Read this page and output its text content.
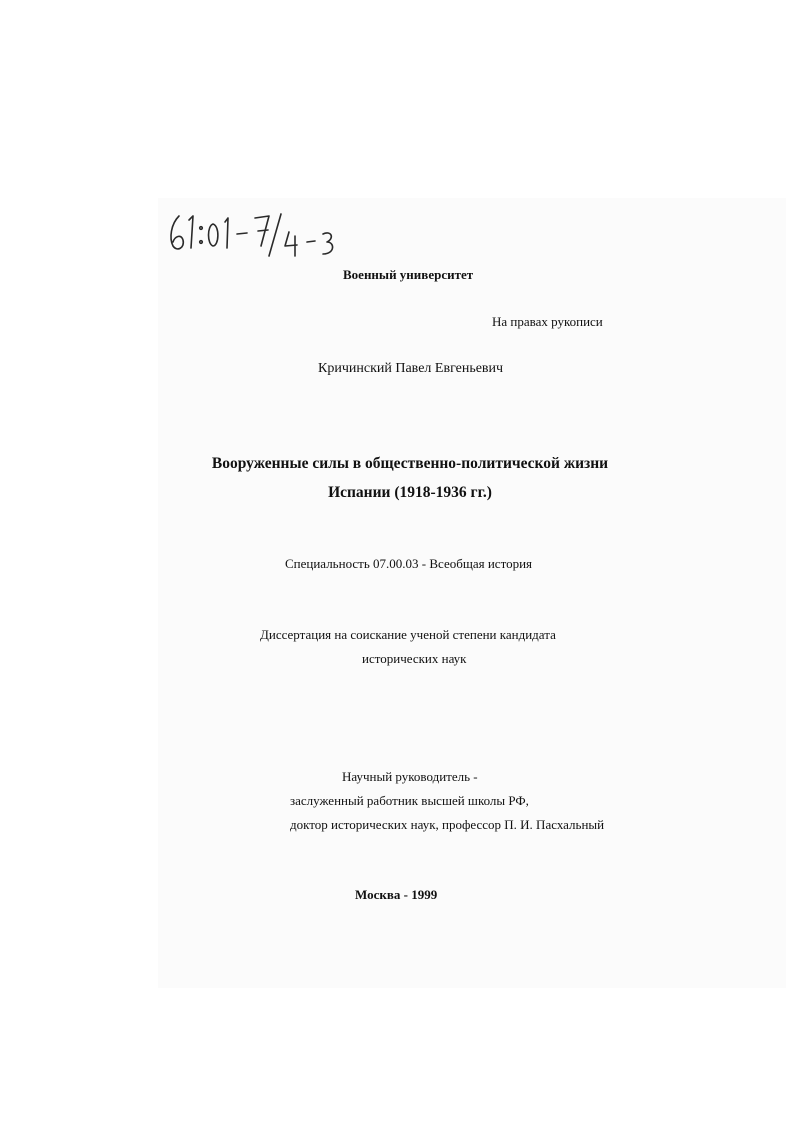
Военный университет
На правах рукописи
Кричинский Павел Евгеньевич
Вооруженные силы в общественно-политической жизни
Испании (1918-1936 гг.)
Специальность 07.00.03 - Всеобщая история
Диссертация на соискание ученой степени кандидата
исторических наук
Научный руководитель -
заслуженный работник высшей школы РФ,
доктор исторических наук, профессор П. И. Пасхальный
Москва - 1999
